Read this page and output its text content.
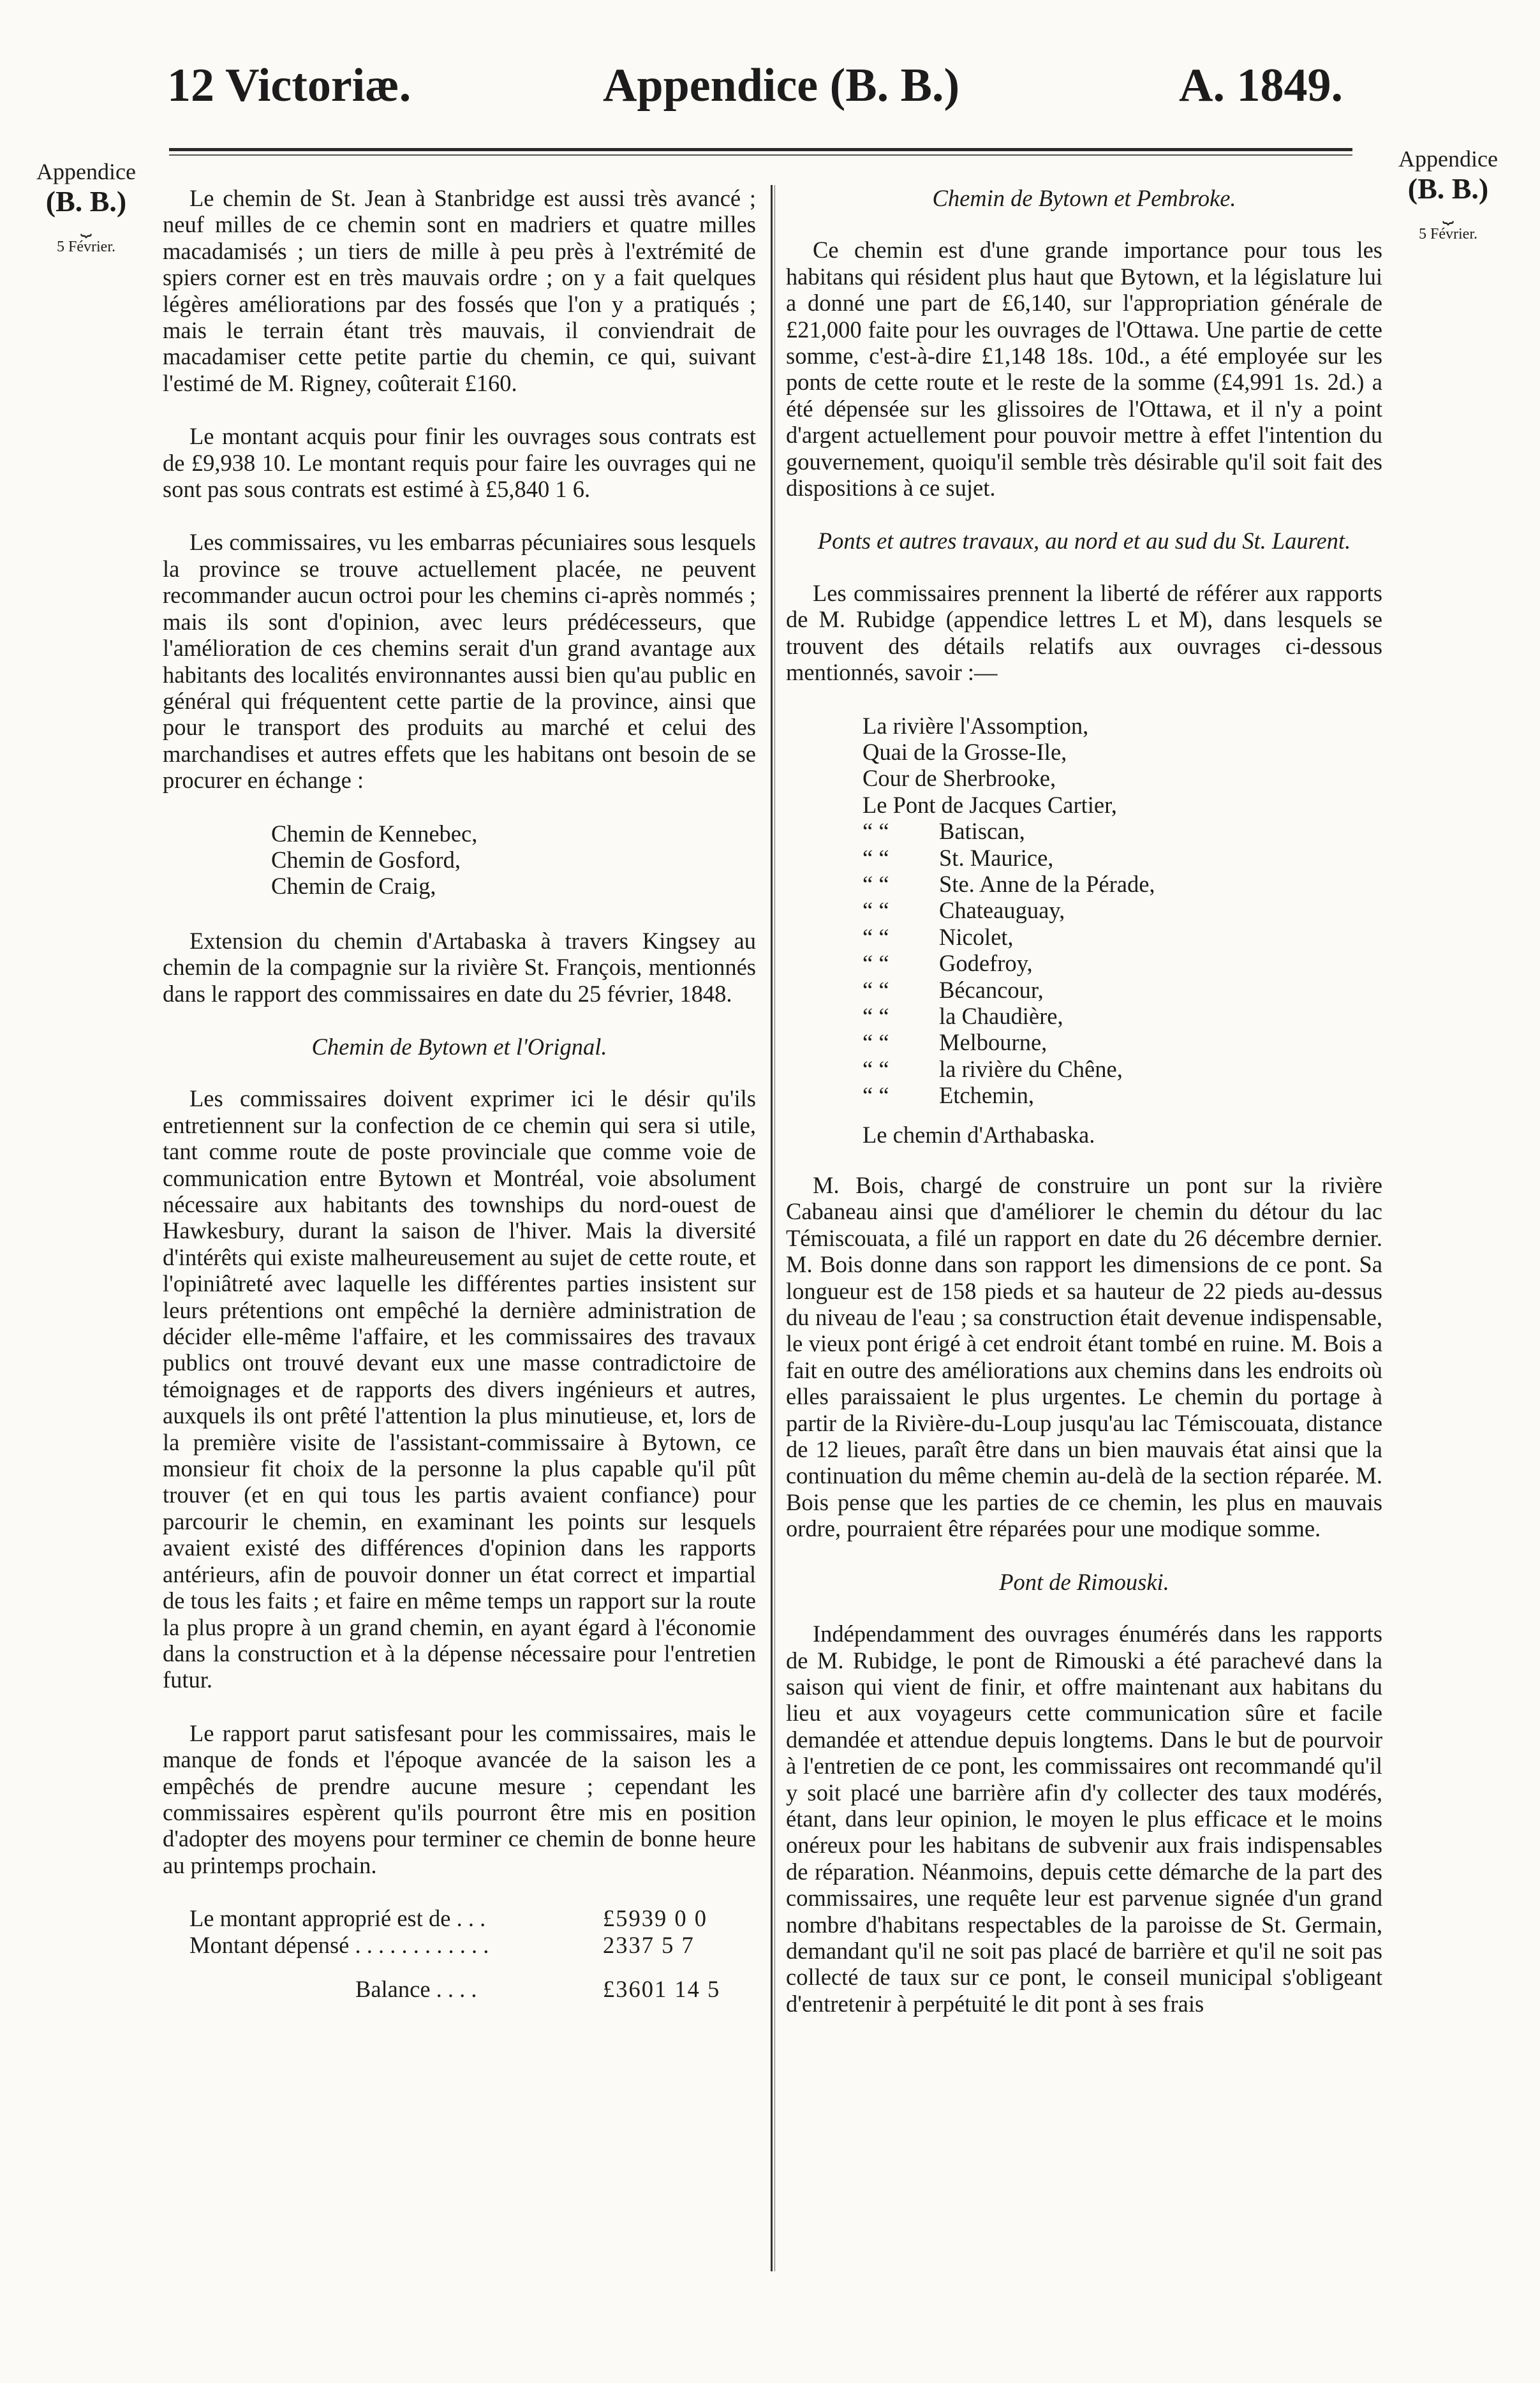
12 Victoriæ.	Appendice (B. B.)	A. 1849.
Appendice
(B. B.)
⏟
5 Février.
Appendice
(B. B.)
⏟
5 Février.

Le chemin de St. Jean à Stanbridge est aussi très avancé ; neuf milles de ce chemin sont en madriers et quatre milles macadamisés ; un tiers de mille à peu près à l'extrémité de spiers corner est en très mauvais ordre ; on y a fait quelques légères améliorations par des fossés que l'on y a pratiqués ; mais le terrain étant très mauvais, il conviendrait de macadamiser cette petite partie du chemin, ce qui, suivant l'estimé de M. Rigney, coûterait £160.

Le montant acquis pour finir les ouvrages sous contrats est de £9,938 10. Le montant requis pour faire les ouvrages qui ne sont pas sous contrats est estimé à £5,840 1 6.

Les commissaires, vu les embarras pécuniaires sous lesquels la province se trouve actuellement placée, ne peuvent recommander aucun octroi pour les chemins ci-après nommés ; mais ils sont d'opinion, avec leurs prédécesseurs, que l'amélioration de ces chemins serait d'un grand avantage aux habitants des localités environnantes aussi bien qu'au public en général qui fréquentent cette partie de la province, ainsi que pour le transport des produits au marché et celui des marchandises et autres effets que les habitans ont besoin de se procurer en échange :

Chemin de Kennebec,
Chemin de Gosford,
Chemin de Craig,

Extension du chemin d'Artabaska à travers Kingsey au chemin de la compagnie sur la rivière St. François, mentionnés dans le rapport des commissaires en date du 25 février, 1848.

Chemin de Bytown et l'Orignal.

Les commissaires doivent exprimer ici le désir qu'ils entretiennent sur la confection de ce chemin qui sera si utile, tant comme route de poste provinciale que comme voie de communication entre Bytown et Montréal, voie absolument nécessaire aux habitants des townships du nord-ouest de Hawkesbury, durant la saison de l'hiver. Mais la diversité d'intérêts qui existe malheureusement au sujet de cette route, et l'opiniâtreté avec laquelle les différentes parties insistent sur leurs prétentions ont empêché la dernière administration de décider elle-même l'affaire, et les commissaires des travaux publics ont trouvé devant eux une masse contradictoire de témoignages et de rapports des divers ingénieurs et autres, auxquels ils ont prêté l'attention la plus minutieuse, et, lors de la première visite de l'assistant-commissaire à Bytown, ce monsieur fit choix de la personne la plus capable qu'il pût trouver (et en qui tous les partis avaient confiance) pour parcourir le chemin, en examinant les points sur lesquels avaient existé des différences d'opinion dans les rapports antérieurs, afin de pouvoir donner un état correct et impartial de tous les faits ; et faire en même temps un rapport sur la route la plus propre à un grand chemin, en ayant égard à l'économie dans la construction et à la dépense nécessaire pour l'entretien futur.

Le rapport parut satisfesant pour les commissaires, mais le manque de fonds et l'époque avancée de la saison les a empêchés de prendre aucune mesure ; cependant les commissaires espèrent qu'ils pourront être mis en position d'adopter des moyens pour terminer ce chemin de bonne heure au printemps prochain.

Le montant approprié est de . . .	£5939 0 0
Montant dépensé . . . . . . . . . . . .	2337 5 7
Balance . . . .	£3601 14 5
Chemin de Bytown et Pembroke.

Ce chemin est d'une grande importance pour tous les habitans qui résident plus haut que Bytown, et la législature lui a donné une part de £6,140, sur l'appropriation générale de £21,000 faite pour les ouvrages de l'Ottawa. Une partie de cette somme, c'est-à-dire £1,148 18s. 10d., a été employée sur les ponts de cette route et le reste de la somme (£4,991 1s. 2d.) a été dépensée sur les glissoires de l'Ottawa, et il n'y a point d'argent actuellement pour pouvoir mettre à effet l'intention du gouvernement, quoiqu'il semble très désirable qu'il soit fait des dispositions à ce sujet.

Ponts et autres travaux, au nord et au sud du St. Laurent.

Les commissaires prennent la liberté de référer aux rapports de M. Rubidge (appendice lettres L et M), dans lesquels se trouvent des détails relatifs aux ouvrages ci-dessous mentionnés, savoir :—

La rivière l'Assomption,
Quai de la Grosse-Ile,
Cour de Sherbrooke,
Le Pont de Jacques Cartier,
“ “ Batiscan,
“ “ St. Maurice,
“ “ Ste. Anne de la Pérade,
“ “ Chateauguay,
“ “ Nicolet,
“ “ Godefroy,
“ “ Bécancour,
“ “ la Chaudière,
“ “ Melbourne,
“ “ la rivière du Chêne,
“ “ Etchemin,
Le chemin d'Arthabaska.

M. Bois, chargé de construire un pont sur la rivière Cabaneau ainsi que d'améliorer le chemin du détour du lac Témiscouata, a filé un rapport en date du 26 décembre dernier. M. Bois donne dans son rapport les dimensions de ce pont. Sa longueur est de 158 pieds et sa hauteur de 22 pieds au-dessus du niveau de l'eau ; sa construction était devenue indispensable, le vieux pont érigé à cet endroit étant tombé en ruine. M. Bois a fait en outre des améliorations aux chemins dans les endroits où elles paraissaient le plus urgentes. Le chemin du portage à partir de la Rivière-du-Loup jusqu'au lac Témiscouata, distance de 12 lieues, paraît être dans un bien mauvais état ainsi que la continuation du même chemin au-delà de la section réparée. M. Bois pense que les parties de ce chemin, les plus en mauvais ordre, pourraient être réparées pour une modique somme.

Pont de Rimouski.

Indépendamment des ouvrages énumérés dans les rapports de M. Rubidge, le pont de Rimouski a été parachevé dans la saison qui vient de finir, et offre maintenant aux habitans du lieu et aux voyageurs cette communication sûre et facile demandée et attendue depuis longtems. Dans le but de pourvoir à l'entretien de ce pont, les commissaires ont recommandé qu'il y soit placé une barrière afin d'y collecter des taux modérés, étant, dans leur opinion, le moyen le plus efficace et le moins onéreux pour les habitans de subvenir aux frais indispensables de réparation. Néanmoins, depuis cette démarche de la part des commissaires, une requête leur est parvenue signée d'un grand nombre d'habitans respectables de la paroisse de St. Germain, demandant qu'il ne soit pas placé de barrière et qu'il ne soit pas collecté de taux sur ce pont, le conseil municipal s'obligeant d'entretenir à perpétuité le dit pont à ses frais
